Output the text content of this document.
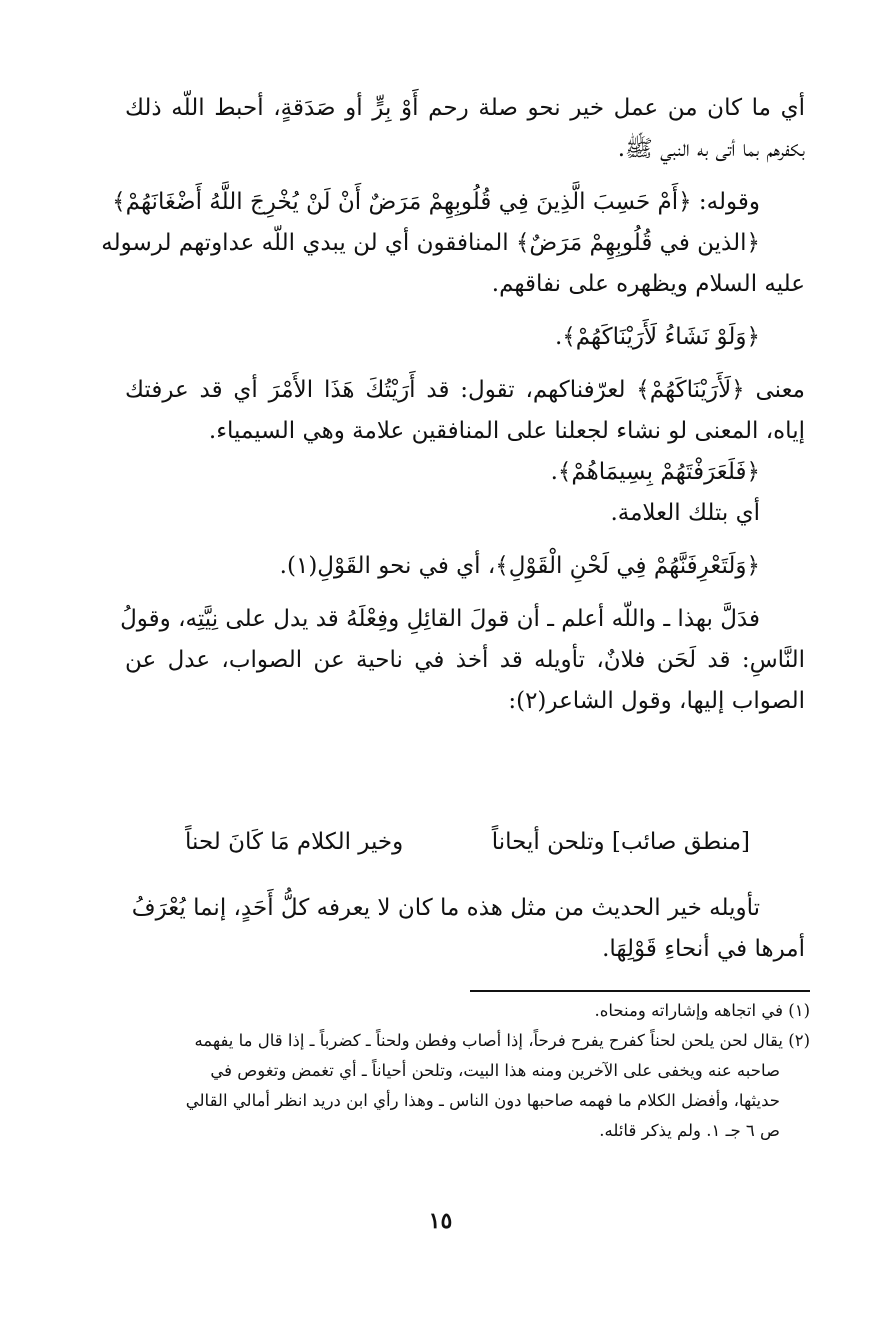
أي ما كان من عمل خير نحو صلة رحم أَوْ بِرٍّ أو صَدَقةٍ، أحبط اللّه ذلك
بكفرهم بما أتى به النبي ﷺ.
وقوله: ﴿أَمْ حَسِبَ الَّذِينَ فِي قُلُوبِهِمْ مَرَضٌ أَنْ لَنْ يُخْرِجَ اللَّهُ أَضْغَانَهُمْ﴾
﴿الذين في قُلُوبِهِمْ مَرَضٌ﴾ المنافقون أي لن يبدي اللّه عداوتهم لرسوله
عليه السلام ويظهره على نفاقهم.
﴿وَلَوْ نَشَاءُ لَأَرَيْنَاكَهُمْ﴾.
معنى ﴿لَأَرَيْنَاكَهُمْ﴾ لعرّفناكهم، تقول: قد أَرَيْتُكَ هَذَا الأَمْرَ أي قد عرفتك
إياه، المعنى لو نشاء لجعلنا على المنافقين علامة وهي السيمياء.
﴿فَلَعَرَفْتَهُمْ بِسِيمَاهُمْ﴾.
أي بتلك العلامة.
﴿وَلَتَعْرِفَنَّهُمْ فِي لَحْنِ الْقَوْلِ﴾، أي في نحو القَوْلِ(١).
فدَلَّ بهذا ـ واللّه أعلم ـ أن قولَ القائِلِ وفِعْلَهُ قد يدل على نِيَّتِه، وقولُ
النَّاسِ: قد لَحَن فلانٌ، تأويله قد أخذ في ناحية عن الصواب، عدل عن
الصواب إليها، وقول الشاعر(٢):
[منطق صائب] وتلحن أيحاناً
وخير الكلام مَا كَانَ لحناً
تأويله خير الحديث من مثل هذه ما كان لا يعرفه كلُّ أَحَدٍ، إنما يُعْرَفُ
أمرها في أنحاءِ قَوْلِهَا.
(١) في اتجاهه وإشاراته ومنحاه.
(٢) يقال لحن يلحن لحناً كفرح يفرح فرحاً، إذا أصاب وفطن ولحناً ـ كضرباً ـ إذا قال ما يفهمه
صاحبه عنه ويخفى على الآخرين ومنه هذا البيت، وتلحن أحياناً ـ أي تغمض وتغوص في
حديثها، وأفضل الكلام ما فهمه صاحبها دون الناس ـ وهذا رأي ابن دريد انظر أمالي القالي
ص ٦ جـ ١. ولم يذكر قائله.
١٥
